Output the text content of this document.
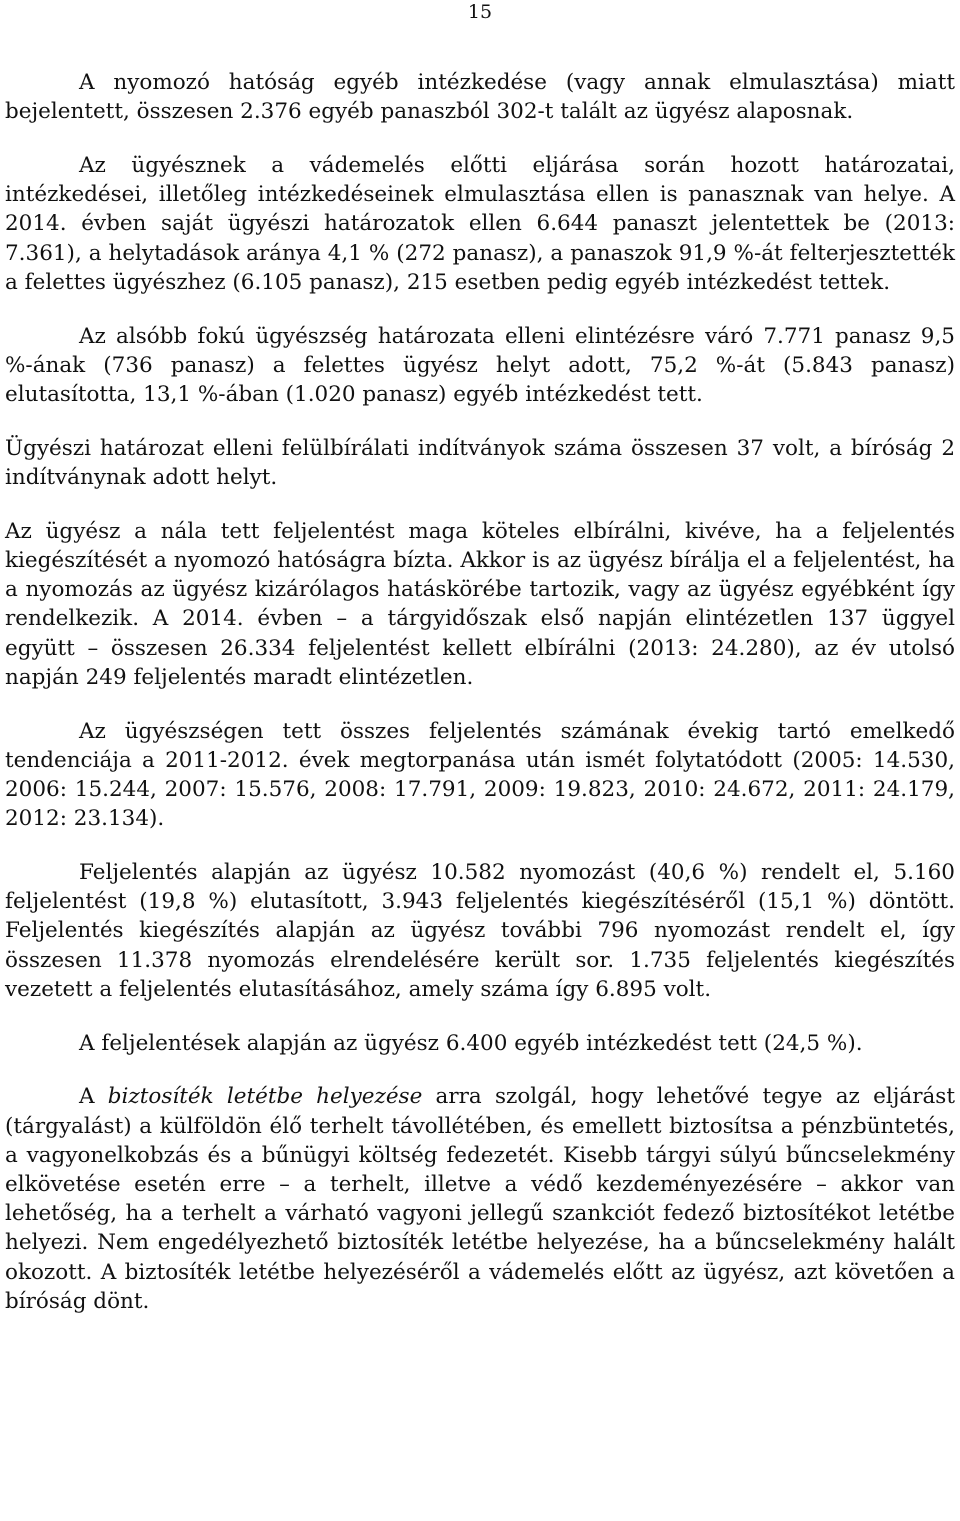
15

A nyomozó hatóság egyéb intézkedése (vagy annak elmulasztása) miatt bejelentett, összesen 2.376 egyéb panaszból 302-t talált az ügyész alaposnak.

Az ügyésznek a vádemelés előtti eljárása során hozott határozatai, intézkedései, illetőleg intézkedéseinek elmulasztása ellen is panasznak van helye. A 2014. évben saját ügyészi határozatok ellen 6.644 panaszt jelentettek be (2013: 7.361), a helytadások aránya 4,1 % (272 panasz), a panaszok 91,9 %-át felterjesztették a felettes ügyészhez (6.105 panasz), 215 esetben pedig egyéb intézkedést tettek.

Az alsóbb fokú ügyészség határozata elleni elintézésre váró 7.771 panasz 9,5 %-ának (736 panasz) a felettes ügyész helyt adott, 75,2 %-át (5.843 panasz) elutasította, 13,1 %-ában (1.020 panasz) egyéb intézkedést tett.

Ügyészi határozat elleni felülbírálati indítványok száma összesen 37 volt, a bíróság 2 indítványnak adott helyt.

Az ügyész a nála tett feljelentést maga köteles elbírálni, kivéve, ha a feljelentés kiegészítését a nyomozó hatóságra bízta. Akkor is az ügyész bírálja el a feljelentést, ha a nyomozás az ügyész kizárólagos hatáskörébe tartozik, vagy az ügyész egyébként így rendelkezik. A 2014. évben – a tárgyidőszak első napján elintézetlen 137 üggyel együtt – összesen 26.334 feljelentést kellett elbírálni (2013: 24.280), az év utolsó napján 249 feljelentés maradt elintézetlen.

Az ügyészségen tett összes feljelentés számának évekig tartó emelkedő tendenciája a 2011-2012. évek megtorpanása után ismét folytatódott (2005: 14.530, 2006: 15.244, 2007: 15.576, 2008: 17.791, 2009: 19.823, 2010: 24.672, 2011: 24.179, 2012: 23.134).

Feljelentés alapján az ügyész 10.582 nyomozást (40,6 %) rendelt el, 5.160 feljelentést (19,8 %) elutasított, 3.943 feljelentés kiegészítéséről (15,1 %) döntött. Feljelentés kiegészítés alapján az ügyész további 796 nyomozást rendelt el, így összesen 11.378 nyomozás elrendelésére került sor. 1.735 feljelentés kiegészítés vezetett a feljelentés elutasításához, amely száma így 6.895 volt.

A feljelentések alapján az ügyész 6.400 egyéb intézkedést tett (24,5 %).

A biztosíték letétbe helyezése arra szolgál, hogy lehetővé tegye az eljárást (tárgyalást) a külföldön élő terhelt távollétében, és emellett biztosítsa a pénzbüntetés, a vagyonelkobzás és a bűnügyi költség fedezetét. Kisebb tárgyi súlyú bűncselekmény elkövetése esetén erre – a terhelt, illetve a védő kezdeményezésére – akkor van lehetőség, ha a terhelt a várható vagyoni jellegű szankciót fedező biztosítékot letétbe helyezi. Nem engedélyezhető biztosíték letétbe helyezése, ha a bűncselekmény halált okozott. A biztosíték letétbe helyezéséről a vádemelés előtt az ügyész, azt követően a bíróság dönt.
